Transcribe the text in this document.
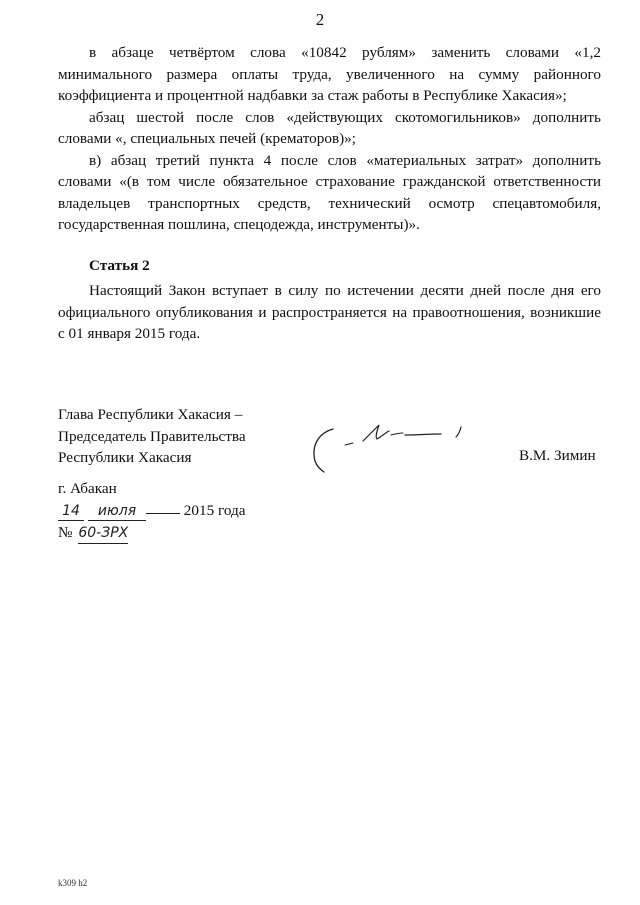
2

в абзаце четвёртом слова «10842 рублям» заменить словами «1,2 минимального размера оплаты труда, увеличенного на сумму районного коэффициента и процентной надбавки за стаж работы в Республике Хакасия»;

абзац шестой после слов «действующих скотомогильников» дополнить словами «, специальных печей (крематоров)»;

в) абзац третий пункта 4 после слов «материальных затрат» дополнить словами «(в том числе обязательное страхование гражданской ответственности владельцев транспортных средств, технический осмотр спецавтомобиля, государственная пошлина, спецодежда, инструменты)».

Статья 2

Настоящий Закон вступает в силу по истечении десяти дней после дня его официального опубликования и распространяется на правоотношения, возникшие с 01 января 2015 года.

Глава Республики Хакасия –
Председатель Правительства
Республики Хакасия	В.М. Зимин
г. Абакан
14 июля	2015 года
№ 60-ЗРХ
k309 h2
